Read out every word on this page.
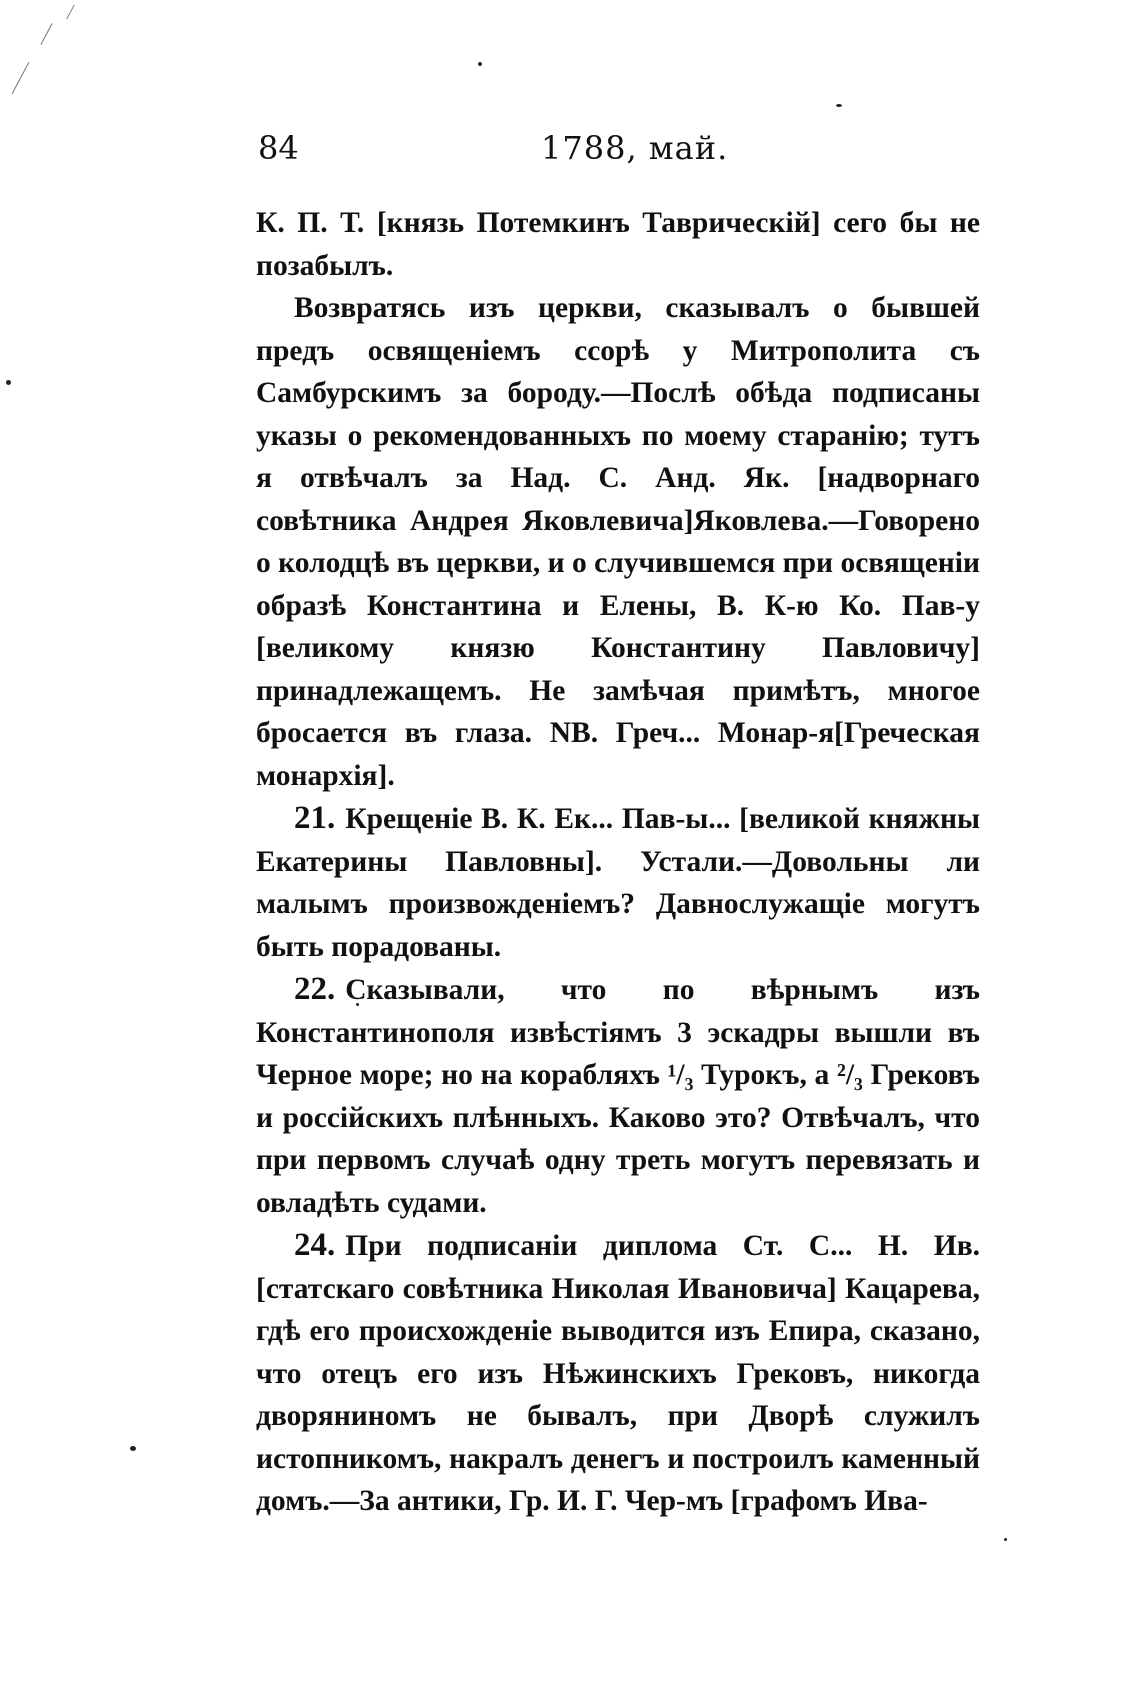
84	1788, май.

К. П. Т. [князь Потемкинъ Таврическій] сего бы не позабылъ.

Возвратясь изъ церкви, сказывалъ о бывшей предъ освященіемъ ссорѣ у Митрополита съ Самбурскимъ за бороду.—Послѣ обѣда подписаны указы о рекомендованныхъ по моему старанію; тутъ я отвѣчалъ за Над. С. Анд. Як. [надворнаго совѣтника Андрея Яковлевича]Яковлева.—Говорено о колодцѣ въ церкви, и о случившемся при освященіи образѣ Константина и Елены, В. К-ю Ко. Пав-у [великому князю Константину Павловичу] принадлежащемъ. Не замѣчая примѣтъ, многое бросается въ глаза. NB. Греч... Монар-я[Греческая монархія].

21. Крещеніе В. К. Ек... Пав-ы... [великой княжны Екатерины Павловны]. Устали.—Довольны ли малымъ произвожденіемъ? Давнослужащіе могутъ быть порадованы.

22. Сказывали, что по вѣрнымъ изъ Константинополя извѣстіямъ 3 эскадры вышли въ Черное море; но на корабляхъ ¹/₃ Турокъ, а ²/₃ Грековъ и россійскихъ плѣнныхъ. Каково это? Отвѣчалъ, что при первомъ случаѣ одну треть могутъ перевязать и овладѣть судами.

24. При подписаніи диплома Ст. С... Н. Ив. [статскаго совѣтника Николая Ивановича] Кацарева, гдѣ его происхожденіе выводится изъ Епира, сказано, что отецъ его изъ Нѣжинскихъ Грековъ, никогда дворяниномъ не бывалъ, при Дворѣ служилъ истопникомъ, накралъ денегъ и построилъ каменный домъ.—За антики, Гр. И. Г. Чер-мъ [графомъ Ива-
